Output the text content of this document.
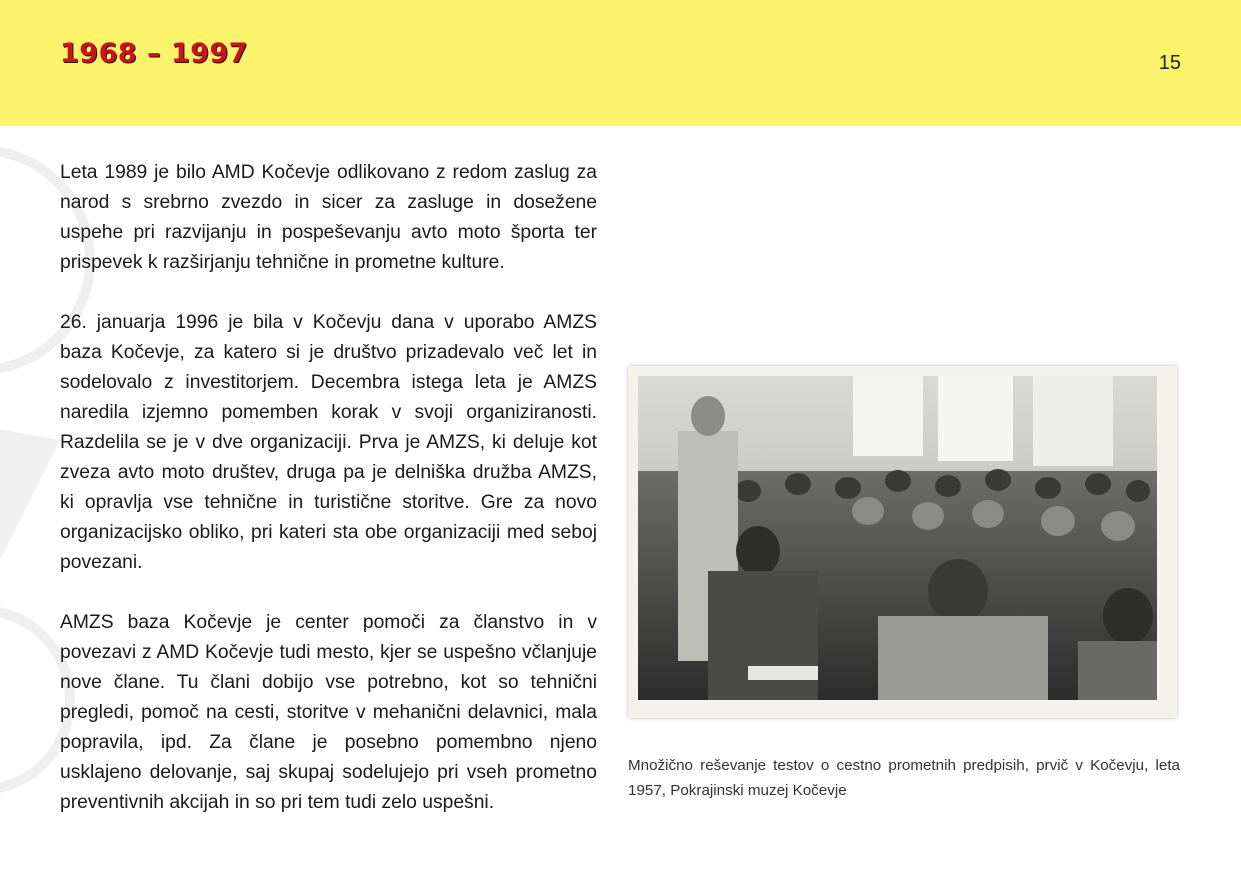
1968 – 1997	15

Leta 1989 je bilo AMD Kočevje odlikovano z redom zaslug za narod s srebrno zvezdo in sicer za zasluge in dosežene uspehe pri razvijanju in pospeševanju avto moto športa ter prispevek k razširjanju tehnične in prometne kulture.

26. januarja 1996 je bila v Kočevju dana v uporabo AMZS baza Kočevje, za katero si je društvo prizadevalo več let in sodelovalo z investitorjem. Decembra istega leta je AMZS naredila izjemno pomemben korak v svoji organiziranosti. Razdelila se je v dve organizaciji. Prva je AMZS, ki deluje kot zveza avto moto društev, druga pa je delniška družba AMZS, ki opravlja vse tehnične in turistične storitve. Gre za novo organizacijsko obliko, pri kateri sta obe organizaciji med seboj povezani.

AMZS baza Kočevje je center pomoči za članstvo in v povezavi z AMD Kočevje tudi mesto, kjer se uspešno včlanjuje nove člane. Tu člani dobijo vse potrebno, kot so tehnični pregledi, pomoč na cesti, storitve v mehanični delavnici, mala popravila, ipd. Za člane je posebno pomembno njeno usklajeno delovanje, saj skupaj sodelujejo pri vseh prometno preventivnih akcijah in so pri tem tudi zelo uspešni.

Množično reševanje testov o cestno prometnih predpisih, prvič v Kočevju, leta 1957, Pokrajinski muzej Kočevje
